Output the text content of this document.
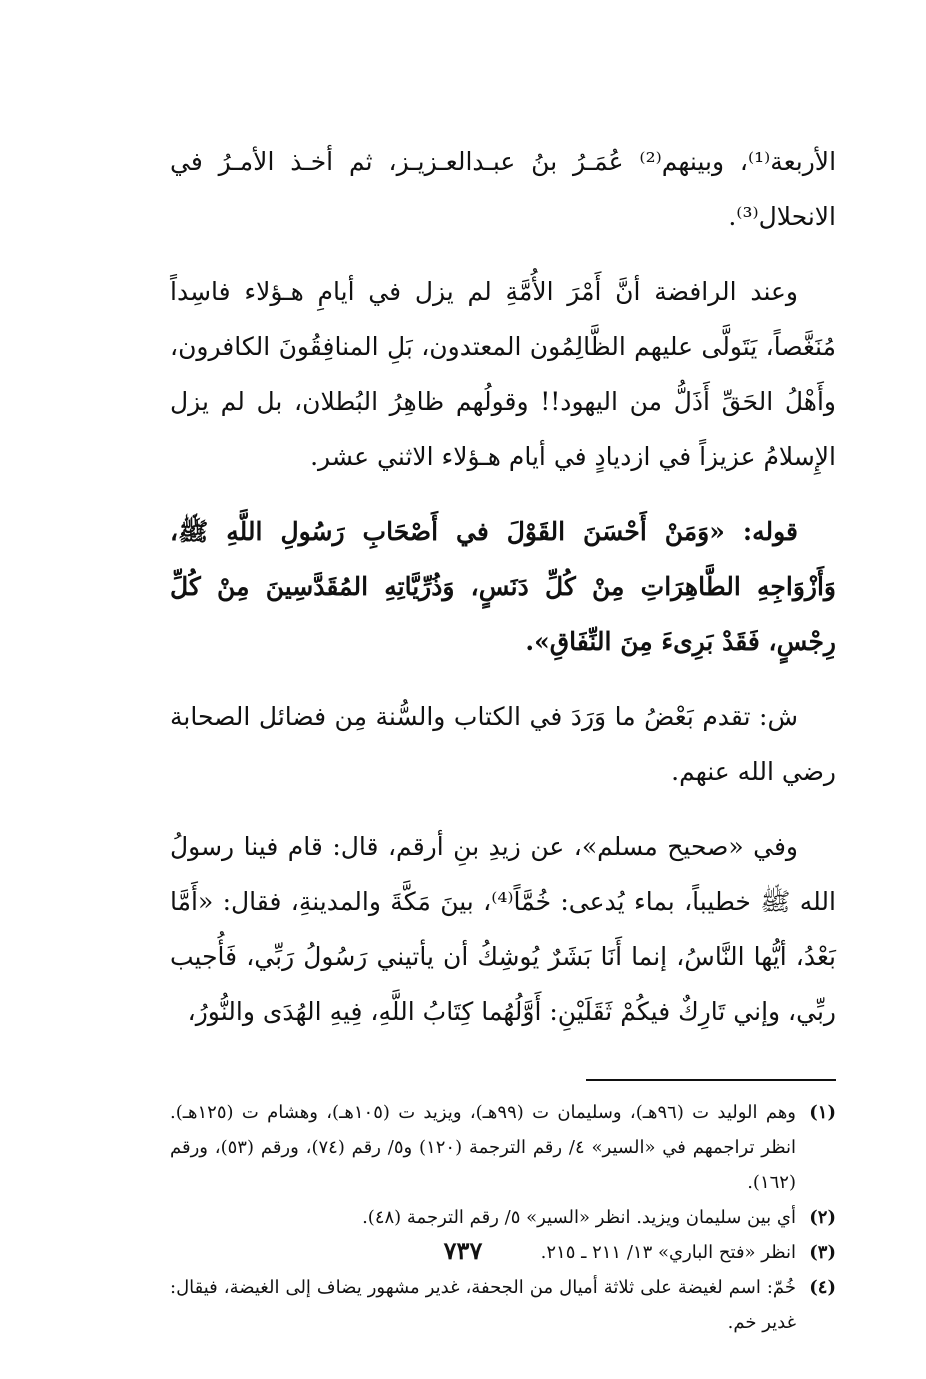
الأربعة⁽¹⁾، وبينهم⁽²⁾ عُمَـرُ بنُ عبـدالعـزيـز، ثم أخـذ الأمـرُ في الانحلال⁽³⁾.

وعند الرافضة أنَّ أَمْرَ الأُمَّةِ لم يزل في أيامِ هـؤلاء فاسِداً مُنَغَّصاً، يَتَولَّى عليهم الظَّالِمُون المعتدون، بَلِ المنافِقُونَ الكافرون، وأَهْلُ الحَقِّ أَذَلُّ من اليهود!! وقولُهم ظاهِرُ البُطلان، بل لم يزل الإِسلامُ عزيزاً في ازديادٍ في أيام هـؤلاء الاثني عشر.

قوله: «وَمَنْ أَحْسَنَ القَوْلَ في أَصْحَابِ رَسُولِ اللَّهِ ﷺ، وَأَزْوَاجِهِ الطَّاهِرَاتِ مِنْ كُلِّ دَنَسٍ، وَذُرِّيَّاتِهِ المُقَدَّسِينَ مِنْ كُلِّ رِجْسٍ، فَقَدْ بَرِىءَ مِنَ النِّفَاقِ».

ش: تقدم بَعْضُ ما وَرَدَ في الكتاب والسُّنة مِن فضائل الصحابة رضي الله عنهم.

وفي «صحيح مسلم»، عن زيدِ بنِ أرقم، قال: قام فينا رسولُ الله ﷺ خطيباً، بماء يُدعى: خُمَّاً⁽⁴⁾، بينَ مَكَّةَ والمدينةِ، فقال: «أَمَّا بَعْدُ، أيُّها النَّاسُ، إنما أَنَا بَشَرٌ يُوشِكُ أن يأتيني رَسُولُ رَبِّي، فَأُجيب ربِّي، وإني تَارِكٌ فيكُمْ ثَقَلَيْنِ: أَوَّلُهُما كِتَابُ اللَّهِ، فِيهِ الهُدَى والنُّورُ،

(١)
وهم الوليد ت (٩٦هـ)، وسليمان ت (٩٩هـ)، ويزيد ت (١٠٥هـ)، وهشام ت (١٢٥هـ). انظر تراجمهم في «السير» ٤/ رقم الترجمة (١٢٠) و٥/ رقم (٧٤)، ورقم (٥٣)، ورقم (١٦٢).
(٢)
أي بين سليمان ويزيد. انظر «السير» ٥/ رقم الترجمة (٤٨).
(٣)
انظر «فتح الباري» ١٣/ ٢١١ ـ ٢١٥.
(٤)
خُمّ: اسم لغيضة على ثلاثة أميال من الجحفة، غدير مشهور يضاف إلى الغيضة، فيقال: غدير خم.
٧٣٧
